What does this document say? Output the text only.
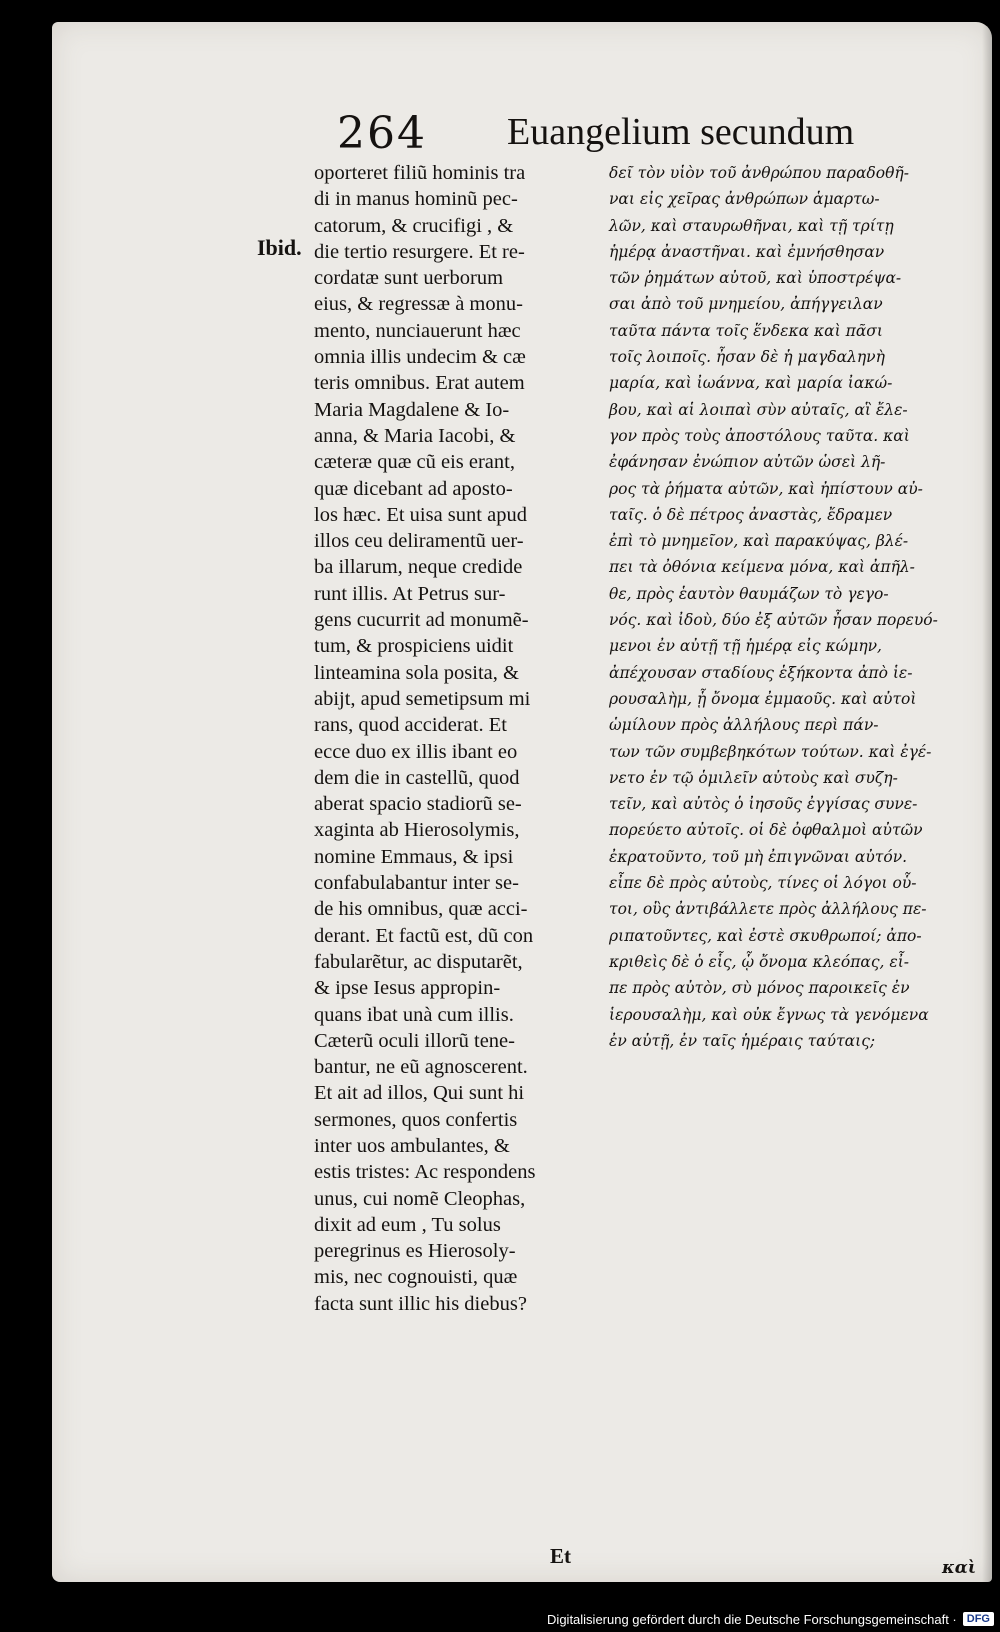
264 Euangelium secundum
Ibid.
oporteret filiũ hominis tra
di in manus hominũ pec-
catorum, & crucifigi , &
die tertio resurgere. Et re-
cordatæ sunt uerborum
eius, & regressæ à monu-
mento, nunciauerunt hæc
omnia illis undecim & cæ
teris omnibus. Erat autem
Maria Magdalene & Io-
anna, & Maria Iacobi, &
cæteræ quæ cũ eis erant,
quæ dicebant ad aposto-
los hæc. Et uisa sunt apud
illos ceu deliramentũ uer-
ba illarum, neque credide
runt illis. At Petrus sur-
gens cucurrit ad monumẽ-
tum, & prospiciens uidit
linteamina sola posita, &
abijt, apud semetipsum mi
rans, quod acciderat. Et
ecce duo ex illis ibant eo
dem die in castellũ, quod
aberat spacio stadiorũ se-
xaginta ab Hierosolymis,
nomine Emmaus, & ipsi
confabulabantur inter se-
de his omnibus, quæ acci-
derant. Et factũ est, dũ con
fabularẽtur, ac disputarẽt,
& ipse Iesus appropin-
quans ibat unà cum illis.
Cæterũ oculi illorũ tene-
bantur, ne eũ agnoscerent.
Et ait ad illos, Qui sunt hi
sermones, quos confertis
inter uos ambulantes, &
estis tristes: Ac respondens
unus, cui nomẽ Cleophas,
dixit ad eum , Tu solus
peregrinus es Hierosoly-
mis, nec cognouisti, quæ
facta sunt illic his diebus?
δεῖ τὸν υἱὸν τοῦ ἀνθρώπου παραδοθῆ-
ναι εἰς χεῖρας ἀνθρώπων ἁμαρτω-
λῶν, καὶ σταυρωθῆναι, καὶ τῇ τρίτῃ
ἡμέρᾳ ἀναστῆναι. καὶ ἐμνήσθησαν
τῶν ῥημάτων αὐτοῦ, καὶ ὑποστρέψα-
σαι ἀπὸ τοῦ μνημείου, ἀπήγγειλαν
ταῦτα πάντα τοῖς ἕνδεκα καὶ πᾶσι
τοῖς λοιποῖς. ἦσαν δὲ ἡ μαγδαληνὴ
μαρία, καὶ ἰωάννα, καὶ μαρία ἰακώ-
βου, καὶ αἱ λοιπαὶ σὺν αὐταῖς, αἳ ἔλε-
γον πρὸς τοὺς ἀποστόλους ταῦτα. καὶ
ἐφάνησαν ἐνώπιον αὐτῶν ὡσεὶ λῆ-
ρος τὰ ῥήματα αὐτῶν, καὶ ἠπίστουν αὐ-
ταῖς. ὁ δὲ πέτρος ἀναστὰς, ἔδραμεν
ἐπὶ τὸ μνημεῖον, καὶ παρακύψας, βλέ-
πει τὰ ὀθόνια κείμενα μόνα, καὶ ἀπῆλ-
θε, πρὸς ἑαυτὸν θαυμάζων τὸ γεγο-
νός. καὶ ἰδοὺ, δύο ἐξ αὐτῶν ἦσαν πορευό-
μενοι ἐν αὐτῇ τῇ ἡμέρᾳ εἰς κώμην,
ἀπέχουσαν σταδίους ἑξήκοντα ἀπὸ ἱε-
ρουσαλὴμ, ᾗ ὄνομα ἐμμαοῦς. καὶ αὐτοὶ
ὡμίλουν πρὸς ἀλλήλους περὶ πάν-
των τῶν συμβεβηκότων τούτων. καὶ ἐγέ-
νετο ἐν τῷ ὁμιλεῖν αὐτοὺς καὶ συζη-
τεῖν, καὶ αὐτὸς ὁ ἰησοῦς ἐγγίσας συνε-
πορεύετο αὐτοῖς. οἱ δὲ ὀφθαλμοὶ αὐτῶν
ἐκρατοῦντο, τοῦ μὴ ἐπιγνῶναι αὐτόν.
εἶπε δὲ πρὸς αὐτοὺς, τίνες οἱ λόγοι οὗ-
τοι, οὓς ἀντιβάλλετε πρὸς ἀλλήλους πε-
ριπατοῦντες, καὶ ἐστὲ σκυθρωποί; ἀπο-
κριθεὶς δὲ ὁ εἷς, ᾧ ὄνομα κλεόπας, εἶ-
πε πρὸς αὐτὸν, σὺ μόνος παροικεῖς ἐν
ἱερουσαλὴμ, καὶ οὐκ ἔγνως τὰ γενόμενα
ἐν αὐτῇ, ἐν ταῖς ἡμέραις ταύταις;
Et	καὶ
Digitalisierung gefördert durch die Deutsche Forschungsgemeinschaft · DFG
